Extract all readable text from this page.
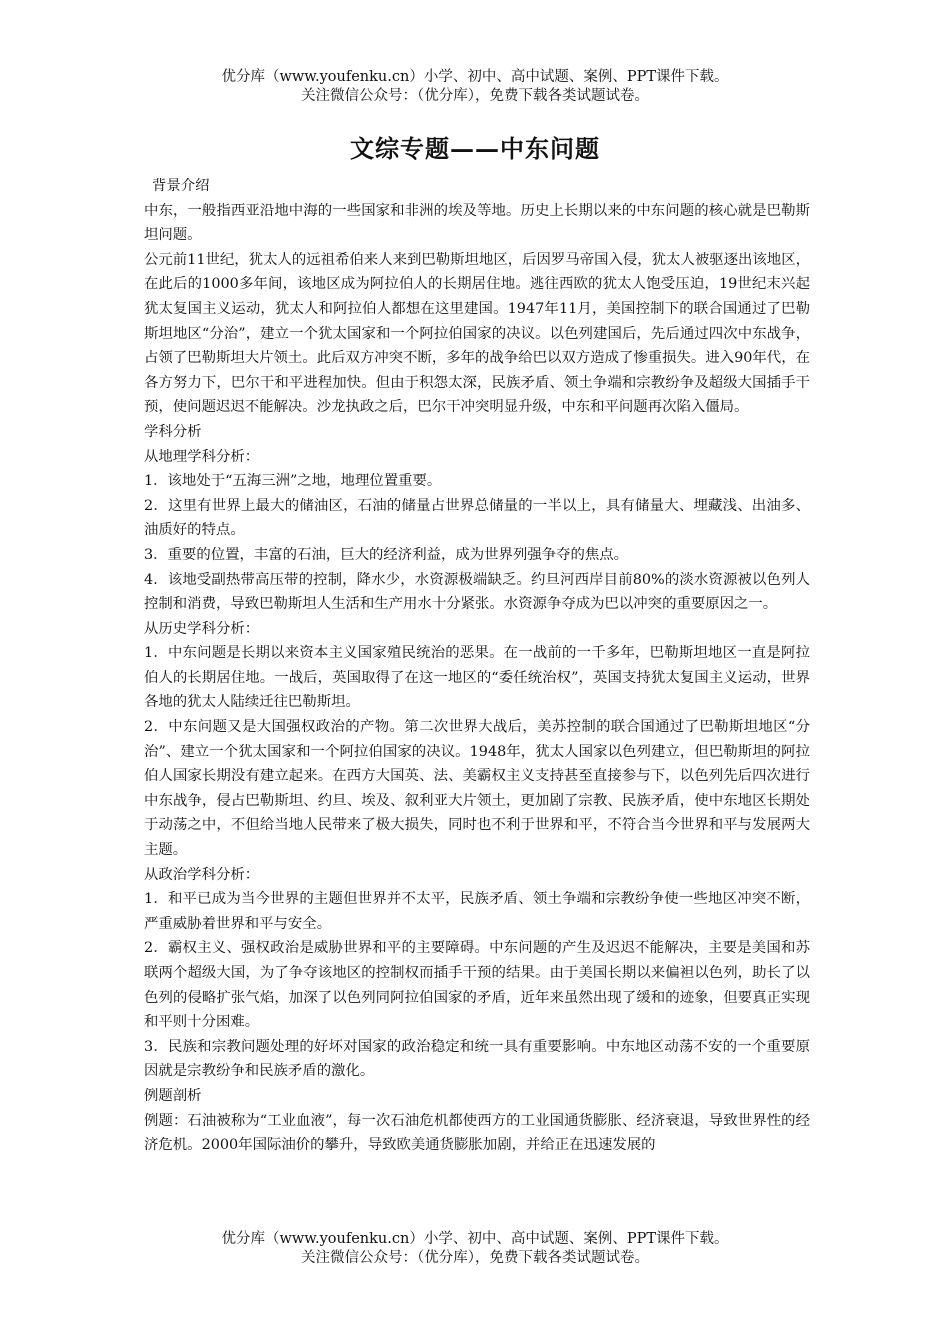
优分库（www.youfenku.cn）小学、初中、高中试题、案例、PPT课件下载。
关注微信公众号：（优分库），免费下载各类试题试卷。
文综专题——中东问题

背景介绍

中东，一般指西亚沿地中海的一些国家和非洲的埃及等地。历史上长期以来的中东问题的核心就是巴勒斯坦问题。

公元前11世纪，犹太人的远祖希伯来人来到巴勒斯坦地区，后因罗马帝国入侵，犹太人被驱逐出该地区，在此后的1000多年间，该地区成为阿拉伯人的长期居住地。逃往西欧的犹太人饱受压迫，19世纪末兴起犹太复国主义运动，犹太人和阿拉伯人都想在这里建国。1947年11月，美国控制下的联合国通过了巴勒斯坦地区“分治”，建立一个犹太国家和一个阿拉伯国家的决议。以色列建国后，先后通过四次中东战争，占领了巴勒斯坦大片领土。此后双方冲突不断，多年的战争给巴以双方造成了惨重损失。进入90年代，在各方努力下，巴尔干和平进程加快。但由于积怨太深，民族矛盾、领土争端和宗教纷争及超级大国插手干预，使问题迟迟不能解决。沙龙执政之后，巴尔干冲突明显升级，中东和平问题再次陷入僵局。

学科分析

从地理学科分析：

1．该地处于“五海三洲”之地，地理位置重要。

2．这里有世界上最大的储油区，石油的储量占世界总储量的一半以上，具有储量大、埋藏浅、出油多、油质好的特点。

3．重要的位置，丰富的石油，巨大的经济利益，成为世界列强争夺的焦点。

4．该地受副热带高压带的控制，降水少，水资源极端缺乏。约旦河西岸目前80%的淡水资源被以色列人控制和消费，导致巴勒斯坦人生活和生产用水十分紧张。水资源争夺成为巴以冲突的重要原因之一。

从历史学科分析：

1．中东问题是长期以来资本主义国家殖民统治的恶果。在一战前的一千多年，巴勒斯坦地区一直是阿拉伯人的长期居住地。一战后，英国取得了在这一地区的“委任统治权”，英国支持犹太复国主义运动，世界各地的犹太人陆续迁往巴勒斯坦。

2．中东问题又是大国强权政治的产物。第二次世界大战后，美苏控制的联合国通过了巴勒斯坦地区“分治”、建立一个犹太国家和一个阿拉伯国家的决议。1948年，犹太人国家以色列建立，但巴勒斯坦的阿拉伯人国家长期没有建立起来。在西方大国英、法、美霸权主义支持甚至直接参与下，以色列先后四次进行中东战争，侵占巴勒斯坦、约旦、埃及、叙利亚大片领土，更加剧了宗教、民族矛盾，使中东地区长期处于动荡之中，不但给当地人民带来了极大损失，同时也不利于世界和平，不符合当今世界和平与发展两大主题。

从政治学科分析：

1．和平已成为当今世界的主题但世界并不太平，民族矛盾、领土争端和宗教纷争使一些地区冲突不断，严重威胁着世界和平与安全。

2．霸权主义、强权政治是威胁世界和平的主要障碍。中东问题的产生及迟迟不能解决，主要是美国和苏联两个超级大国，为了争夺该地区的控制权而插手干预的结果。由于美国长期以来偏袒以色列，助长了以色列的侵略扩张气焰，加深了以色列同阿拉伯国家的矛盾，近年来虽然出现了缓和的迹象，但要真正实现和平则十分困难。

3．民族和宗教问题处理的好坏对国家的政治稳定和统一具有重要影响。中东地区动荡不安的一个重要原因就是宗教纷争和民族矛盾的激化。

例题剖析

例题：石油被称为“工业血液”，每一次石油危机都使西方的工业国通货膨胀、经济衰退，导致世界性的经济危机。2000年国际油价的攀升，导致欧美通货膨胀加剧，并给正在迅速发展的

优分库（www.youfenku.cn）小学、初中、高中试题、案例、PPT课件下载。
关注微信公众号：（优分库），免费下载各类试题试卷。
